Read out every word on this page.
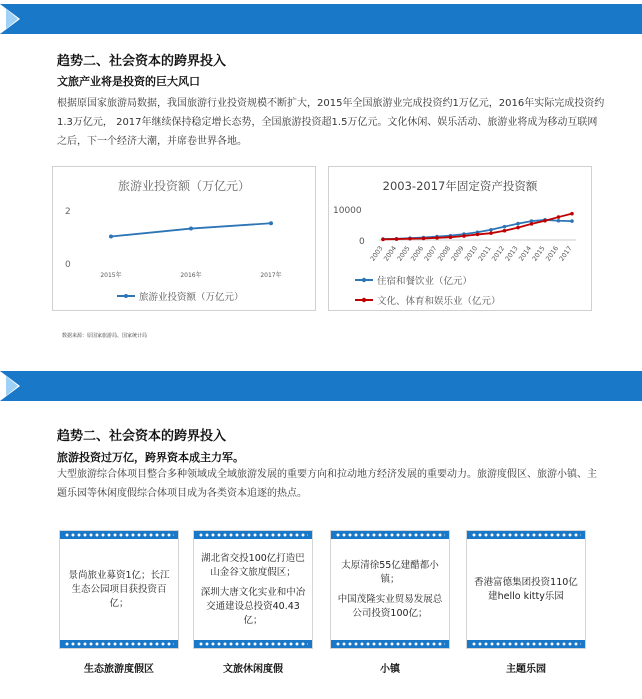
趋势二、社会资本的跨界投入
文旅产业将是投资的巨大风口
根据原国家旅游局数据，我国旅游行业投资规模不断扩大，2015年全国旅游业完成投资约1万亿元，2016年实际完成投资约1.3万亿元， 2017年继续保持稳定增长态势，全国旅游投资超1.5万亿元。文化休闲、娱乐活动、旅游业将成为移动互联网之后，下一个经济大潮，并席卷世界各地。
旅游业投资额（万亿元）
2
0
2015年	2016年	2017年
旅游业投资额（万亿元）
2003-2017年固定资产投资额
10000
0
2003
2004
2005
2006
2007
2008
2009
2010
2011
2012
2013
2014
2015
2016
2017
住宿和餐饮业（亿元）
文化、体育和娱乐业（亿元）
数据来源：原国家旅游局、国家统计局
趋势二、社会资本的跨界投入
旅游投资过万亿，跨界资本成主力军。
大型旅游综合体项目整合多种领域成全域旅游发展的重要方向和拉动地方经济发展的重要动力。旅游度假区、旅游小镇、主题乐园等休闲度假综合体项目成为各类资本追逐的热点。

景尚旅业募资1亿；长江生态公园项目获投资百亿；

生态旅游度假区

湖北省交投100亿打造巴山金谷文旅度假区；

深圳大唐文化实业和中冶交通建设总投资40.43亿；

文旅休闲度假

太原清徐55亿建醋都小镇；

中国茂隆实业贸易发展总公司投资100亿；

小镇

香港富德集团投资110亿建hello kitty乐园

主题乐园
